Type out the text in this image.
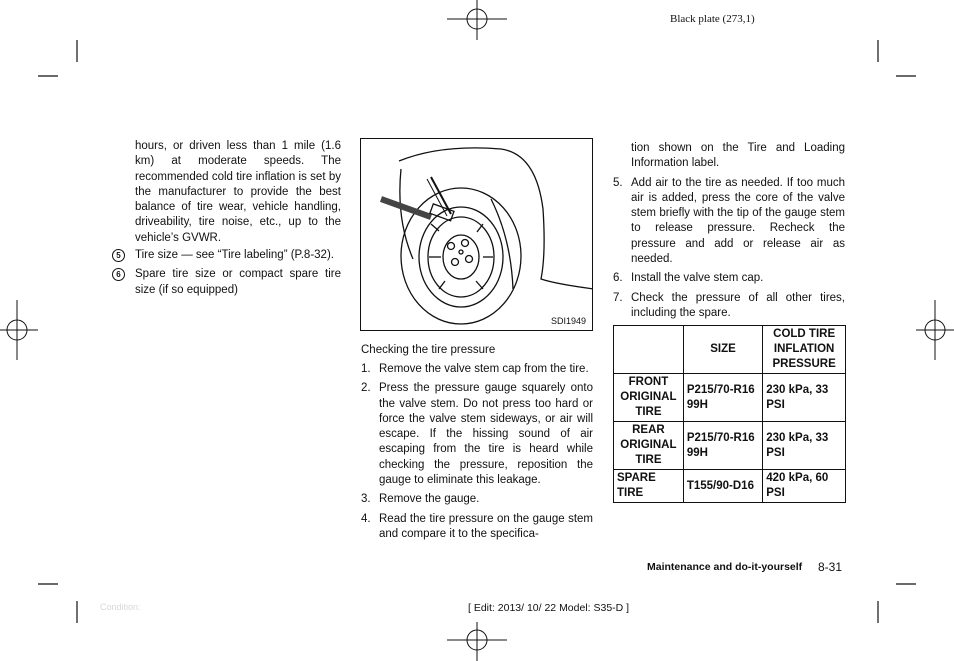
Black plate (273,1)

hours, or driven less than 1 mile (1.6 km) at moderate speeds. The recommended cold tire inflation is set by the manufacturer to provide the best balance of tire wear, vehicle handling, driveability, tire noise, etc., up to the vehicle’s GVWR.

5	Tire size — see “Tire labeling” (P.8-32).
6	Spare tire size or compact spare tire size (if so equipped)
SDI1949
Checking the tire pressure
1. Remove the valve stem cap from the tire.
2. Press the pressure gauge squarely onto the valve stem. Do not press too hard or force the valve stem sideways, or air will escape. If the hissing sound of air escaping from the tire is heard while checking the pressure, reposition the gauge to eliminate this leakage.
3. Remove the gauge.
4. Read the tire pressure on the gauge stem and compare it to the specifica-

tion shown on the Tire and Loading Information label.

5. Add air to the tire as needed. If too much air is added, press the core of the valve stem briefly with the tip of the gauge stem to release pressure. Recheck the pressure and add or release air as needed.
6. Install the valve stem cap.
7. Check the pressure of all other tires, including the spare.
	SIZE	COLD TIRE INFLATION PRESSURE
FRONT ORIGINAL TIRE	P215/70-R16 99H	230 kPa, 33 PSI
REAR ORIGINAL TIRE	P215/70-R16 99H	230 kPa, 33 PSI
SPARE TIRE	T155/90-D16	420 kPa, 60 PSI
Maintenance and do-it-yourself 8-31
Condition:	[ Edit: 2013/ 10/ 22 Model: S35-D ]
